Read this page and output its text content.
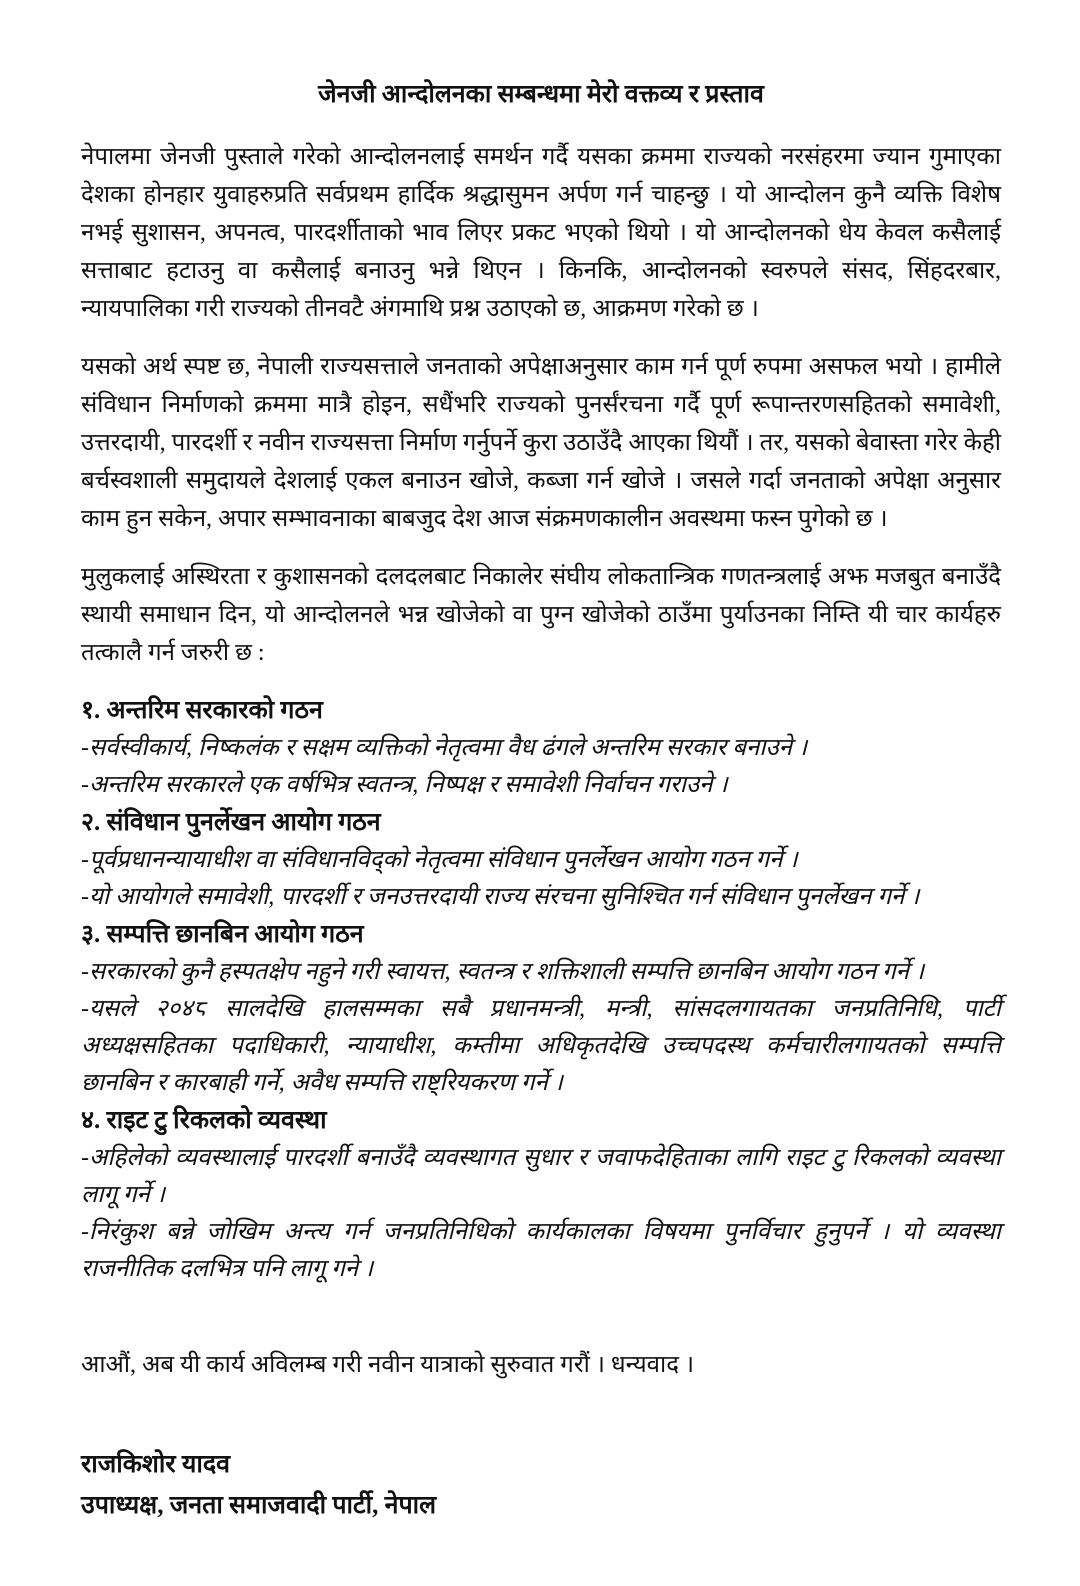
जेनजी आन्दोलनका सम्बन्धमा मेरो वक्तव्य र प्रस्ताव

नेपालमा जेनजी पुस्ताले गरेको आन्दोलनलाई समर्थन गर्दै यसका क्रममा राज्यको नरसंहरमा ज्यान गुमाएका देशका होनहार युवाहरुप्रति सर्वप्रथम हार्दिक श्रद्धासुमन अर्पण गर्न चाहन्छु । यो आन्दोलन कुनै व्यक्ति विशेष नभई सुशासन, अपनत्व, पारदर्शीताको भाव लिएर प्रकट भएको थियो । यो आन्दोलनको धेय केवल कसैलाई सत्ताबाट हटाउनु वा कसैलाई बनाउनु भन्ने थिएन । किनकि, आन्दोलनको स्वरुपले संसद, सिंहदरबार, न्यायपालिका गरी राज्यको तीनवटै अंगमाथि प्रश्न उठाएको छ, आक्रमण गरेको छ ।

यसको अर्थ स्पष्ट छ, नेपाली राज्यसत्ताले जनताको अपेक्षाअनुसार काम गर्न पूर्ण रुपमा असफल भयो । हामीले संविधान निर्माणको क्रममा मात्रै होइन, सधैंभरि राज्यको पुनर्संरचना गर्दै पूर्ण रूपान्तरणसहितको समावेशी, उत्तरदायी, पारदर्शी र नवीन राज्यसत्ता निर्माण गर्नुपर्ने कुरा उठाउँदै आएका थियौं । तर, यसको बेवास्ता गरेर केही बर्चस्वशाली समुदायले देशलाई एकल बनाउन खोजे, कब्जा गर्न खोजे । जसले गर्दा जनताको अपेक्षा अनुसार काम हुन सकेन, अपार सम्भावनाका बाबजुद देश आज संक्रमणकालीन अवस्थमा फस्न पुगेको छ ।

मुलुकलाई अस्थिरता र कुशासनको दलदलबाट निकालेर संघीय लोकतान्त्रिक गणतन्त्रलाई अझ मजबुत बनाउँदै स्थायी समाधान दिन, यो आन्दोलनले भन्न खोजेको वा पुग्न खोजेको ठाउँमा पुर्याउनका निम्ति यी चार कार्यहरु तत्कालै गर्न जरुरी छ :

१. अन्तरिम सरकारको गठन

-सर्वस्वीकार्य, निष्कलंक र सक्षम व्यक्तिको नेतृत्वमा वैध ढंगले अन्तरिम सरकार बनाउने ।

-अन्तरिम सरकारले एक वर्षभित्र स्वतन्त्र, निष्पक्ष र समावेशी निर्वाचन गराउने ।

२. संविधान पुनर्लेखन आयोग गठन

-पूर्वप्रधानन्यायाधीश वा संविधानविद्को नेतृत्वमा संविधान पुनर्लेखन आयोग गठन गर्ने ।

-यो आयोगले समावेशी, पारदर्शी र जनउत्तरदायी राज्य संरचना सुनिश्चित गर्न संविधान पुनर्लेखन गर्ने ।

३. सम्पत्ति छानबिन आयोग गठन

-सरकारको कुनै हस्पतक्षेप नहुने गरी स्वायत्त, स्वतन्त्र र शक्तिशाली सम्पत्ति छानबिन आयोग गठन गर्ने ।

-यसले २०४८ सालदेखि हालसम्मका सबै प्रधानमन्त्री, मन्त्री, सांसदलगायतका जनप्रतिनिधि, पार्टी अध्यक्षसहितका पदाधिकारी, न्यायाधीश, कम्तीमा अधिकृतदेखि उच्चपदस्थ कर्मचारीलगायतको सम्पत्ति छानबिन र कारबाही गर्ने, अवैध सम्पत्ति राष्ट्रियकरण गर्ने ।

४. राइट टु रिकलको व्यवस्था

-अहिलेको व्यवस्थालाई पारदर्शी बनाउँदै व्यवस्थागत सुधार र जवाफदेहिताका लागि राइट टु रिकलको व्यवस्था लागू गर्ने ।

-निरंकुश बन्ने जोखिम अन्त्य गर्न जनप्रतिनिधिको कार्यकालका विषयमा पुनर्विचार हुनुपर्ने । यो व्यवस्था राजनीतिक दलभित्र पनि लागू गने ।

आऔं, अब यी कार्य अविलम्ब गरी नवीन यात्राको सुरुवात गरौं । धन्यवाद ।

राजकिशोर यादव
उपाध्यक्ष, जनता समाजवादी पार्टी, नेपाल
